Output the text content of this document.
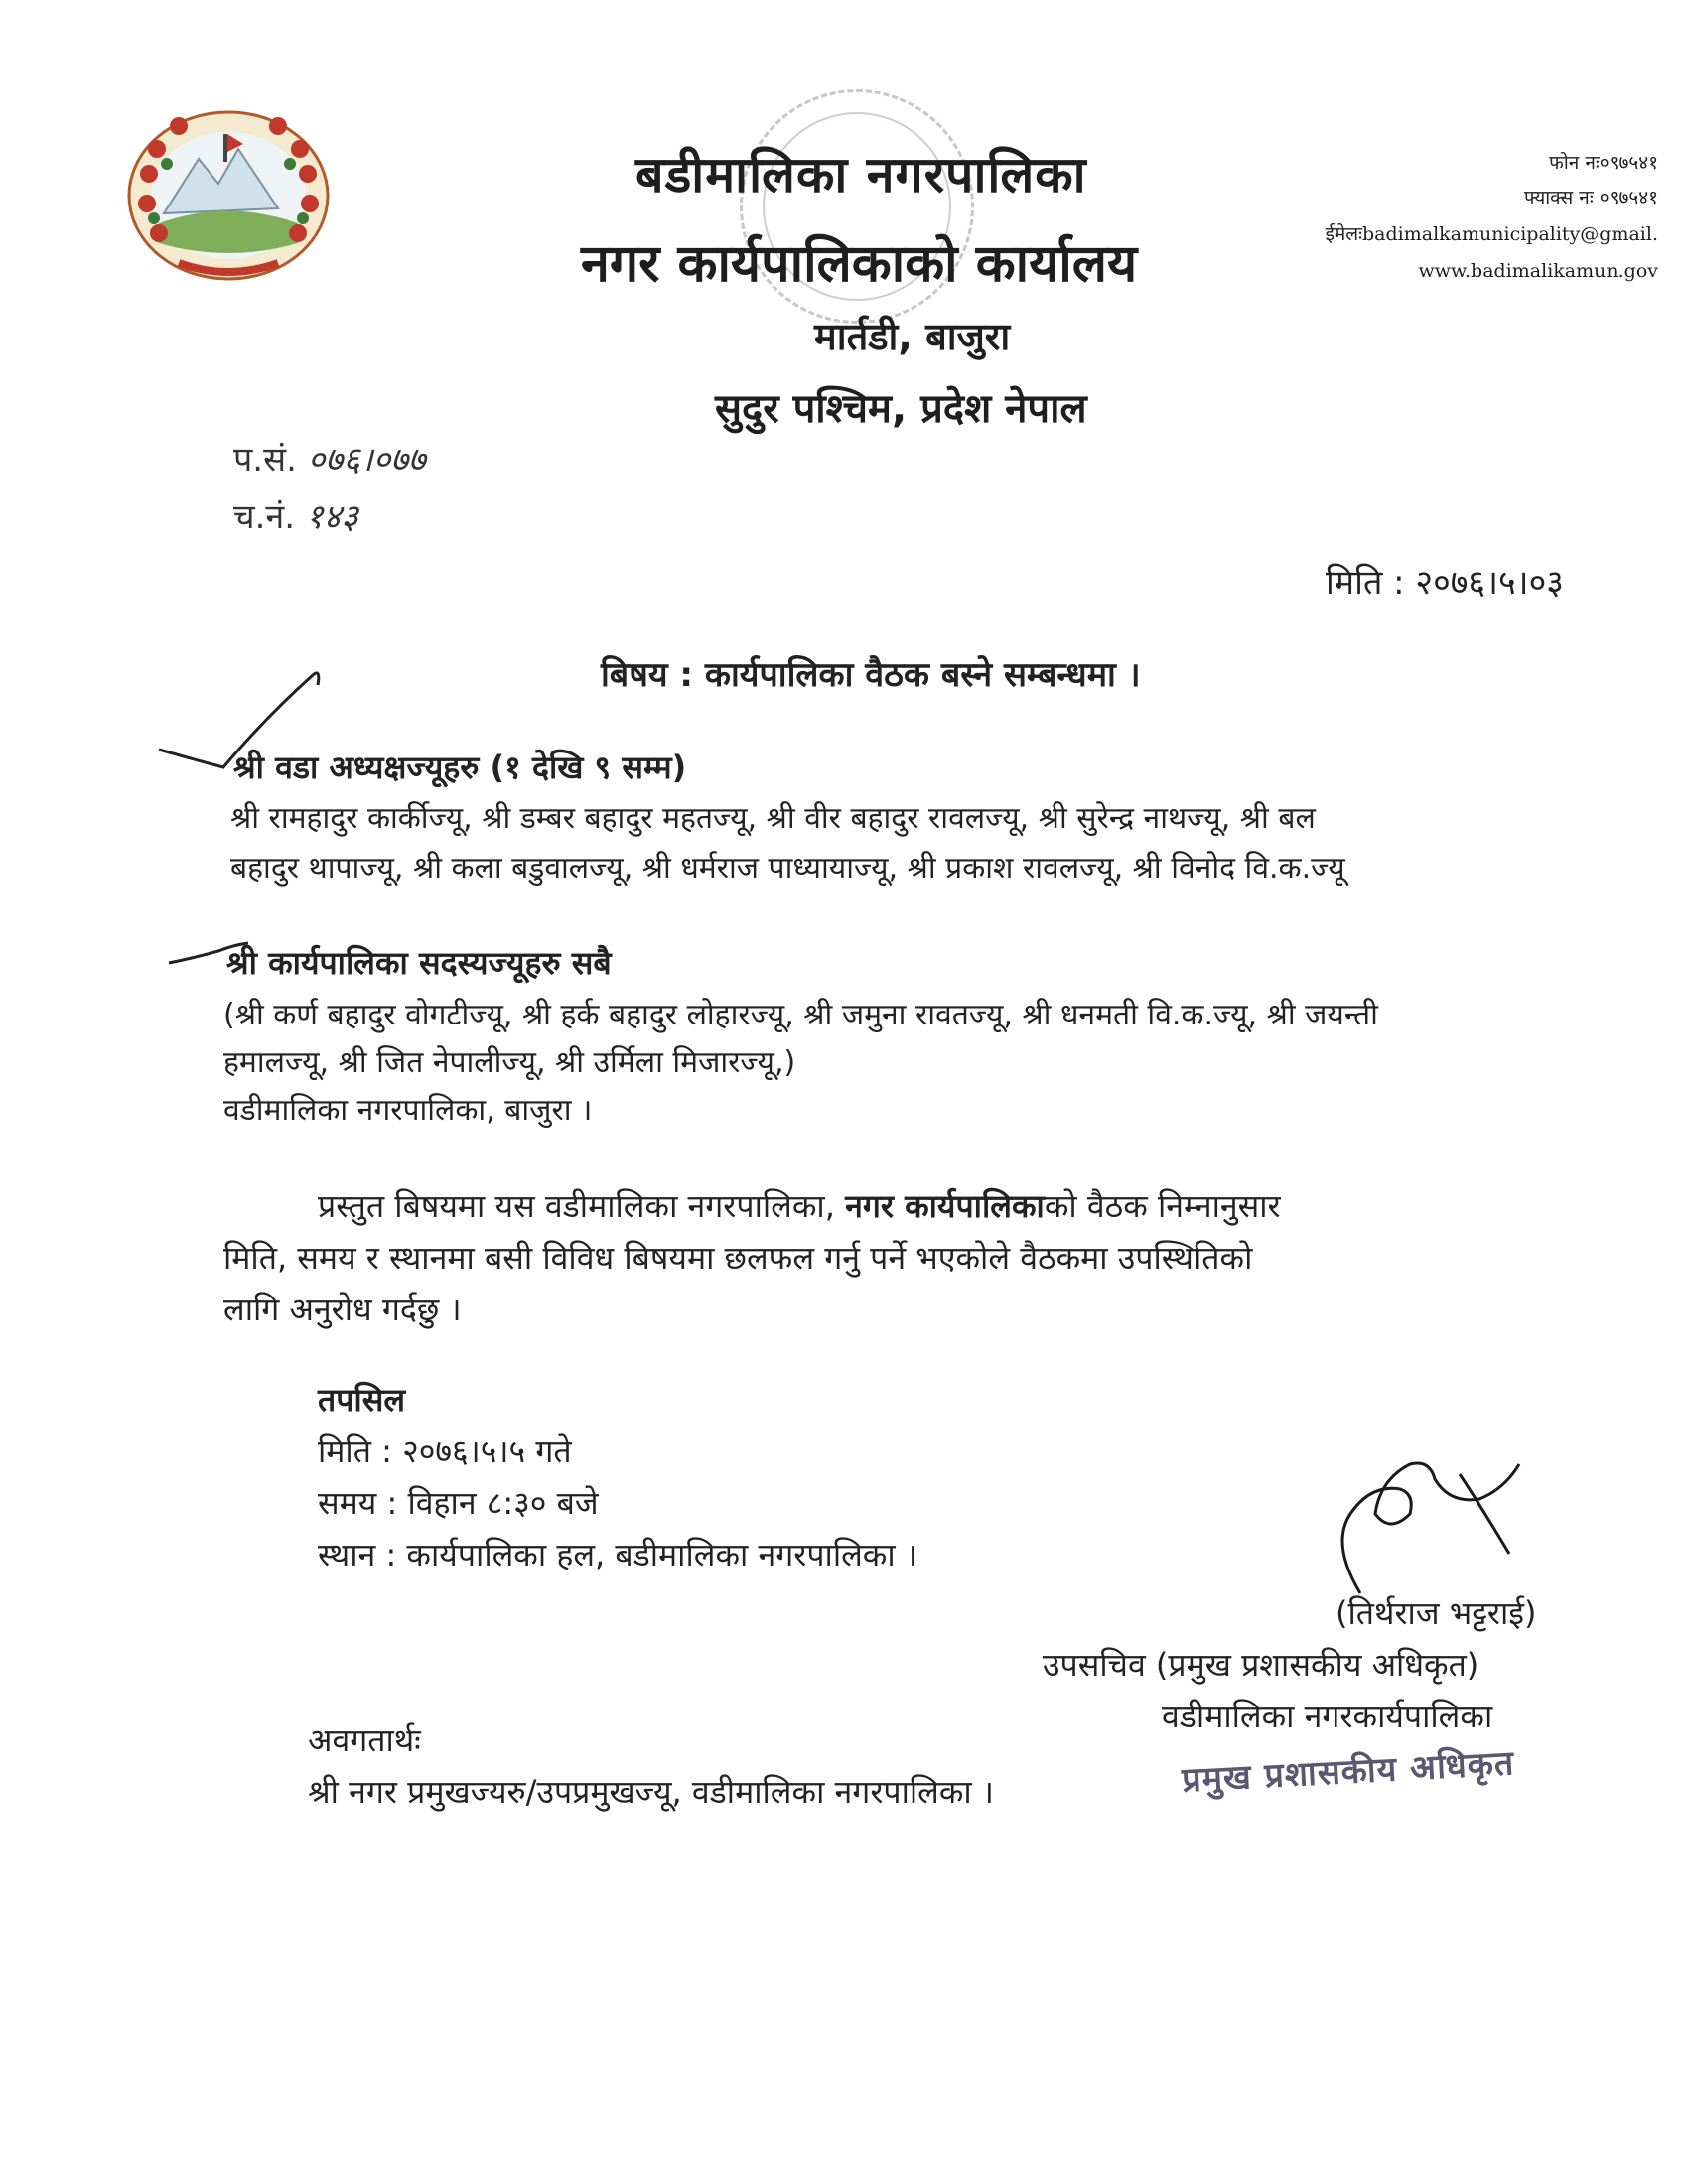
बडीमालिका नगरपालिका
नगर कार्यपालिकाको कार्यालय
मार्तडी, बाजुरा
सुदुर पश्चिम, प्रदेश नेपाल
फोन नः०९७५४१
फ्याक्स नः ०९७५४१
ईमेलःbadimalkamunicipality@gmail.
www.badimalikamun.gov
प.सं. ०७६।०७७
च.नं. १४३
मिति : २०७६।५।०३
बिषय : कार्यपालिका वैठक बस्ने सम्बन्धमा ।
श्री वडा अध्यक्षज्यूहरु (१ देखि ९ सम्म)
श्री रामहादुर कार्कीज्यू, श्री डम्बर बहादुर महतज्यू, श्री वीर बहादुर रावलज्यू, श्री सुरेन्द्र नाथज्यू, श्री बल
बहादुर थापाज्यू, श्री कला बडुवालज्यू, श्री धर्मराज पाध्यायाज्यू, श्री प्रकाश रावलज्यू, श्री विनोद वि.क.ज्यू
श्री कार्यपालिका सदस्यज्यूहरु सबै
(श्री कर्ण बहादुर वोगटीज्यू, श्री हर्क बहादुर लोहारज्यू, श्री जमुना रावतज्यू, श्री धनमती वि.क.ज्यू, श्री जयन्ती
हमालज्यू, श्री जित नेपालीज्यू, श्री उर्मिला मिजारज्यू,)
वडीमालिका नगरपालिका, बाजुरा ।
प्रस्तुत बिषयमा यस वडीमालिका नगरपालिका, नगर कार्यपालिकाको वैठक निम्नानुसार
मिति, समय र स्थानमा बसी विविध बिषयमा छलफल गर्नु पर्ने भएकोले वैठकमा उपस्थितिको
लागि अनुरोध गर्दछु ।
तपसिल
मिति : २०७६।५।५ गते
समय : विहान ८:३० बजे
स्थान : कार्यपालिका हल, बडीमालिका नगरपालिका ।
(तिर्थराज भट्टराई)
उपसचिव (प्रमुख प्रशासकीय अधिकृत)
वडीमालिका नगरकार्यपालिका
प्रमुख प्रशासकीय अधिकृत
अवगतार्थः
श्री नगर प्रमुखज्यरु/उपप्रमुखज्यू, वडीमालिका नगरपालिका ।
